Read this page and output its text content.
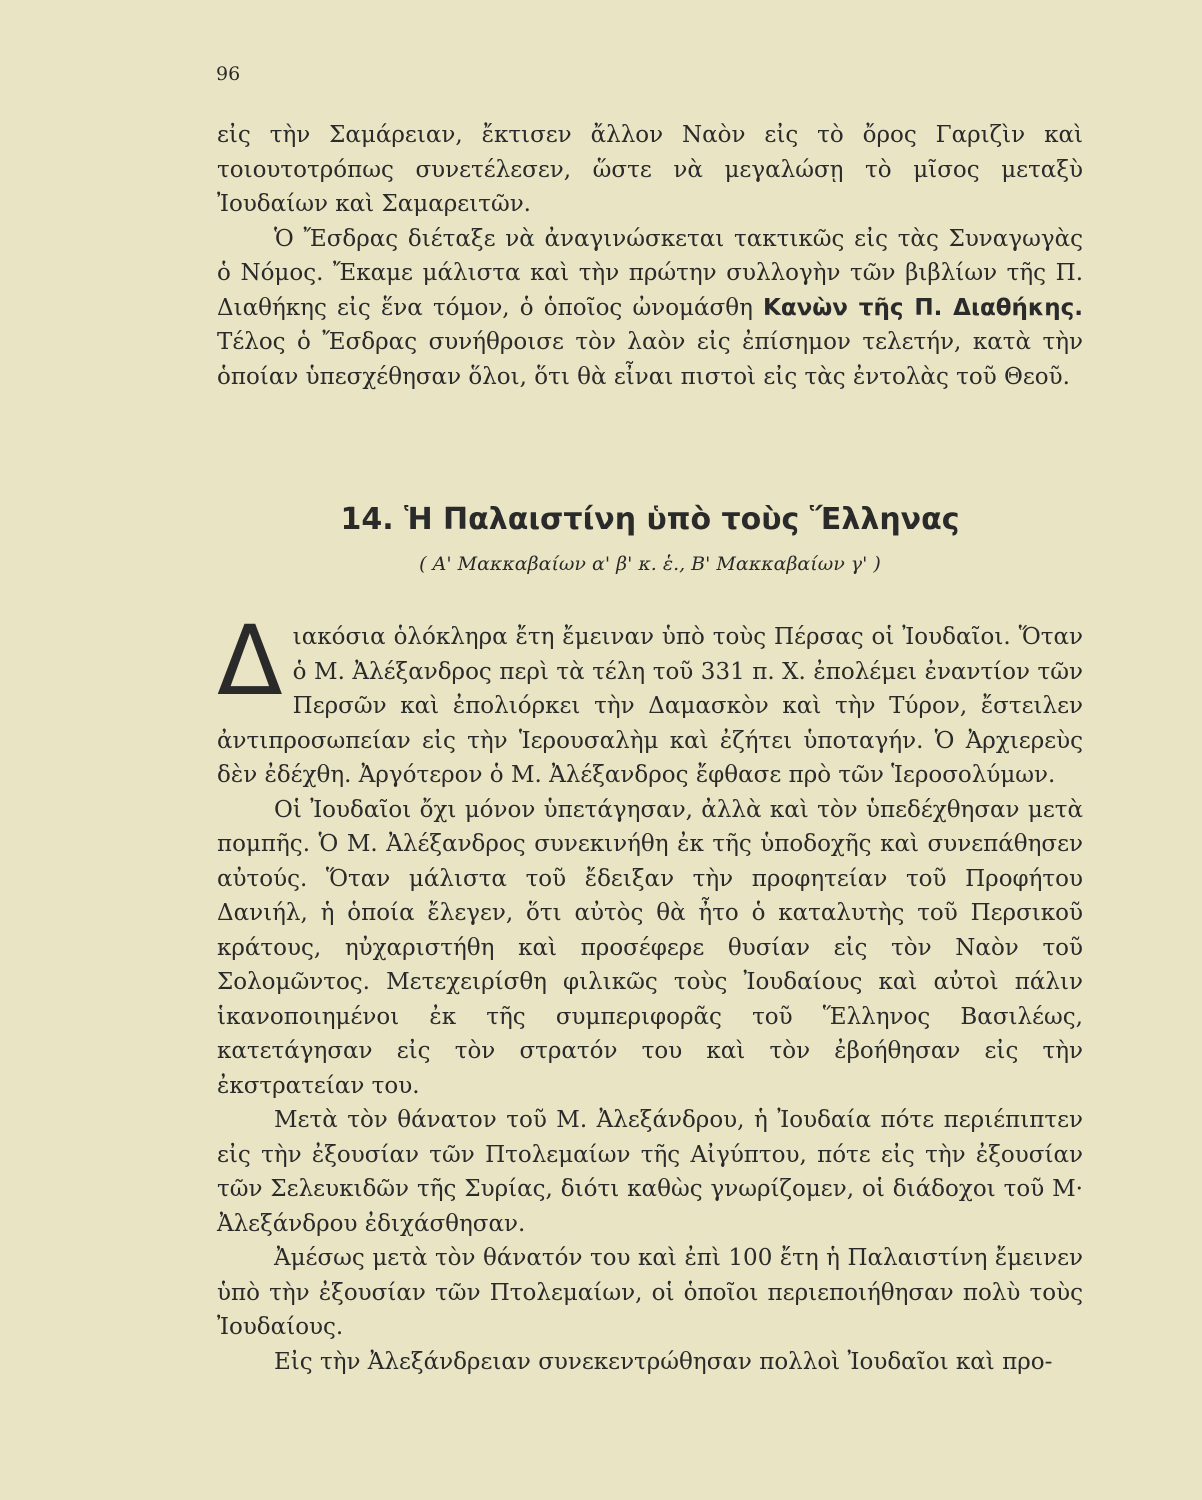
96

εἰς τὴν Σαμάρειαν, ἔκτισεν ἄλλον Ναὸν εἰς τὸ ὄρος Γαριζὶν καὶ τοιουτοτρόπως συνετέλεσεν, ὥστε νὰ μεγαλώσῃ τὸ μῖσος μεταξὺ Ἰουδαίων καὶ Σαμαρειτῶν.

Ὁ Ἔσδρας διέταξε νὰ ἀναγινώσκεται τακτικῶς εἰς τὰς Συναγωγὰς ὁ Νόμος. Ἔκαμε μάλιστα καὶ τὴν πρώτην συλλογὴν τῶν βιβλίων τῆς Π. Διαθήκης εἰς ἕνα τόμον, ὁ ὁποῖος ὠνομάσθη Κανὼν τῆς Π. Διαθήκης. Τέλος ὁ Ἔσδρας συνήθροισε τὸν λαὸν εἰς ἐπίσημον τελετήν, κατὰ τὴν ὁποίαν ὑπεσχέθησαν ὅλοι, ὅτι θὰ εἶναι πιστοὶ εἰς τὰς ἐντολὰς τοῦ Θεοῦ.

14. Ἡ Παλαιστίνη ὑπὸ τοὺς Ἕλληνας
( Α' Μακκαβαίων α' β' κ. ἑ., Β' Μακκαβαίων γ' )

Διακόσια ὁλόκληρα ἔτη ἔμειναν ὑπὸ τοὺς Πέρσας οἱ Ἰουδαῖοι. Ὅταν ὁ Μ. Ἀλέξανδρος περὶ τὰ τέλη τοῦ 331 π. Χ. ἐπολέμει ἐναντίον τῶν Περσῶν καὶ ἐπολιόρκει τὴν Δαμασκὸν καὶ τὴν Τύρον, ἔστειλεν ἀντιπροσωπείαν εἰς τὴν Ἱερουσαλὴμ καὶ ἐζήτει ὑποταγήν. Ὁ Ἀρχιερεὺς δὲν ἐδέχθη. Ἀργότερον ὁ Μ. Ἀλέξανδρος ἔφθασε πρὸ τῶν Ἱεροσολύμων.

Οἱ Ἰουδαῖοι ὄχι μόνον ὑπετάγησαν, ἀλλὰ καὶ τὸν ὑπεδέχθησαν μετὰ πομπῆς. Ὁ Μ. Ἀλέξανδρος συνεκινήθη ἐκ τῆς ὑποδοχῆς καὶ συνεπάθησεν αὐτούς. Ὅταν μάλιστα τοῦ ἔδειξαν τὴν προφητείαν τοῦ Προφήτου Δανιήλ, ἡ ὁποία ἔλεγεν, ὅτι αὐτὸς θὰ ἦτο ὁ καταλυτὴς τοῦ Περσικοῦ κράτους, ηὐχαριστήθη καὶ προσέφερε θυσίαν εἰς τὸν Ναὸν τοῦ Σολομῶντος. Μετεχειρίσθη φιλικῶς τοὺς Ἰουδαίους καὶ αὐτοὶ πάλιν ἱκανοποιημένοι ἐκ τῆς συμπεριφορᾶς τοῦ Ἕλληνος Βασιλέως, κατετάγησαν εἰς τὸν στρατόν του καὶ τὸν ἐβοήθησαν εἰς τὴν ἐκστρατείαν του.

Μετὰ τὸν θάνατον τοῦ Μ. Ἀλεξάνδρου, ἡ Ἰουδαία πότε περιέπιπτεν εἰς τὴν ἐξουσίαν τῶν Πτολεμαίων τῆς Αἰγύπτου, πότε εἰς τὴν ἐξουσίαν τῶν Σελευκιδῶν τῆς Συρίας, διότι καθὼς γνωρίζομεν, οἱ διάδοχοι τοῦ Μ· Ἀλεξάνδρου ἐδιχάσθησαν.

Ἀμέσως μετὰ τὸν θάνατόν του καὶ ἐπὶ 100 ἔτη ἡ Παλαιστίνη ἔμεινεν ὑπὸ τὴν ἐξουσίαν τῶν Πτολεμαίων, οἱ ὁποῖοι περιεποιήθησαν πολὺ τοὺς Ἰουδαίους.

Εἰς τὴν Ἀλεξάνδρειαν συνεκεντρώθησαν πολλοὶ Ἰουδαῖοι καὶ προ-
